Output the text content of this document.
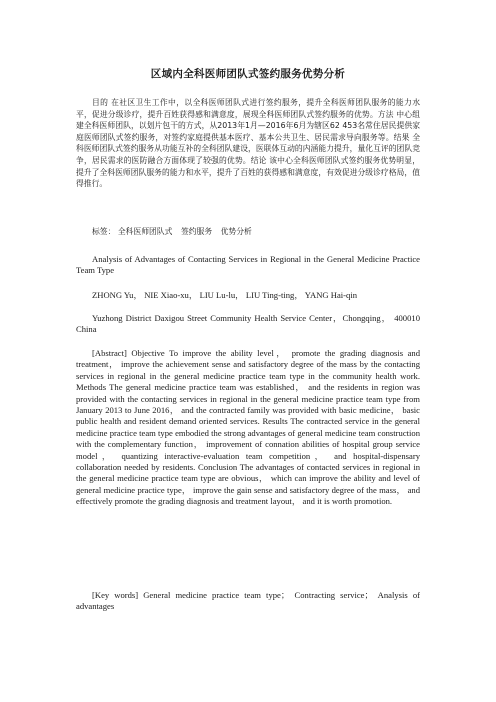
区域内全科医师团队式签约服务优势分析
目的 在社区卫生工作中，以全科医师团队式进行签约服务，提升全科医师团队服务的能力水平，促进分级诊疗，提升百姓获得感和满意度，展现全科医师团队式签约服务的优势。方法 中心组建全科医师团队，以划片包干的方式，从2013年1月—2016年6月为辖区62 453名常住居民提供家庭医师团队式签约服务，对签约家庭提供基本医疗、基本公共卫生、居民需求导向服务等。结果 全科医师团队式签约服务从功能互补的全科团队建设，医联体互动的内涵能力提升，量化互评的团队竞争，居民需求的医防融合方面体现了较强的优势。结论 该中心全科医师团队式签约服务优势明显，提升了全科医师团队服务的能力和水平，提升了百姓的获得感和满意度，有效促进分级诊疗格局，值得推行。
标签： 全科医师团队式 签约服务 优势分析
Analysis of Advantages of Contacting Services in Regional in the General Medicine Practice Team Type
ZHONG Yu， NIE Xiao-xu， LIU Lu-lu， LIU Ting-ting， YANG Hai-qin
Yuzhong District Daxigou Street Community Health Service Center，Chongqing， 400010 China
[Abstract] Objective To improve the ability level， promote the grading diagnosis and treatment， improve the achievement sense and satisfactory degree of the mass by the contacting services in regional in the general medicine practice team type in the community health work. Methods The general medicine practice team was established， and the residents in region was provided with the contacting services in regional in the general medicine practice team type from January 2013 to June 2016， and the contracted family was provided with basic medicine， basic public health and resident demand oriented services. Results The contracted service in the general medicine practice team type embodied the strong advantages of general medicine team construction with the complementary function， improvement of connation abilities of hospital group service model， quantizing interactive-evaluation team competition， and hospital-dispensary collaboration needed by residents. Conclusion The advantages of contacted services in regional in the general medicine practice team type are obvious， which can improve the ability and level of general medicine practice type， improve the gain sense and satisfactory degree of the mass， and effectively promote the grading diagnosis and treatment layout， and it is worth promotion.
[Key words] General medicine practice team type； Contracting service； Analysis of advantages
